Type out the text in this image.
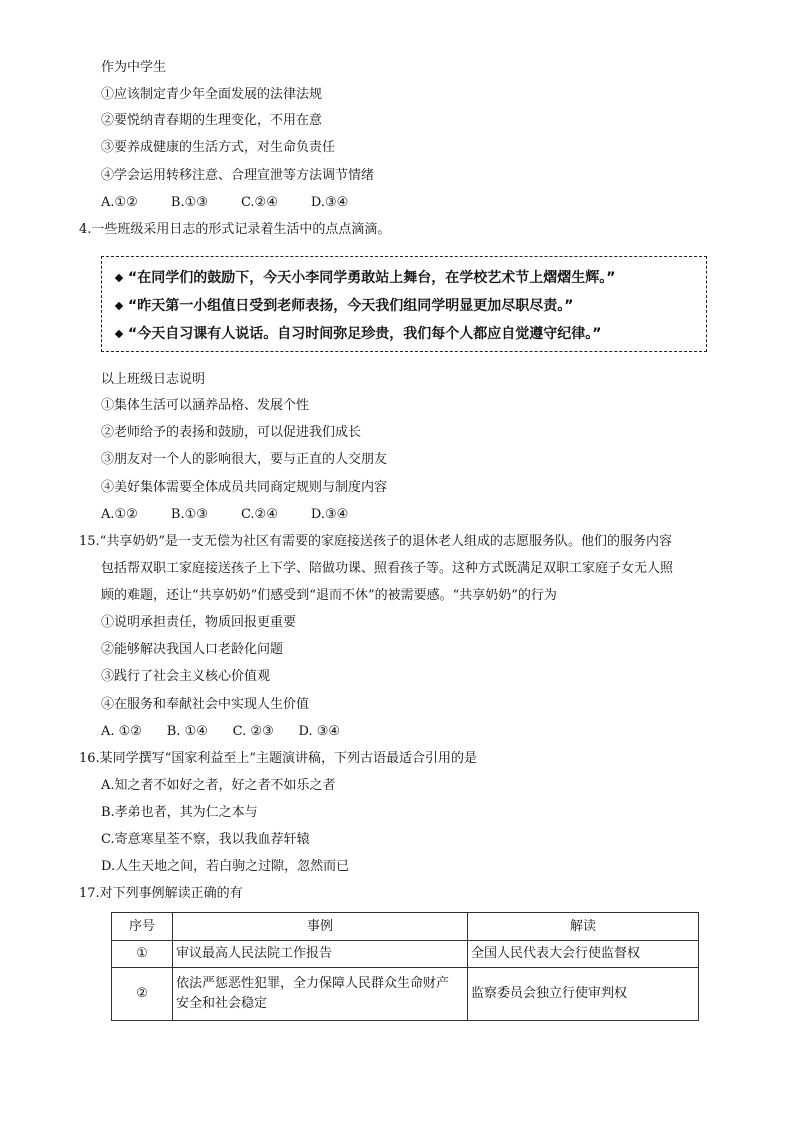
作为中学生
①应该制定青少年全面发展的法律法规
②要悦纳青春期的生理变化，不用在意
③要养成健康的生活方式，对生命负责任
④学会运用转移注意、合理宣泄等方法调节情绪
A.①②        B.①③        C.②④        D.③④
4.一些班级采用日志的形式记录着生活中的点点滴滴。
“在同学们的鼓励下，今天小李同学勇敢站上舞台，在学校艺术节上熠熠生辉。”
“昨天第一小组值日受到老师表扬，今天我们组同学明显更加尽职尽责。”
“今天自习课有人说话。自习时间弥足珍贵，我们每个人都应自觉遵守纪律。”
以上班级日志说明
①集体生活可以涵养品格、发展个性
②老师给予的表扬和鼓励，可以促进我们成长
③朋友对一个人的影响很大，要与正直的人交朋友
④美好集体需要全体成员共同商定规则与制度内容
A.①②        B.①③        C.②④        D.③④
15.“共享奶奶”是一支无偿为社区有需要的家庭接送孩子的退休老人组成的志愿服务队。他们的服务内容
包括帮双职工家庭接送孩子上下学、陪做功课、照看孩子等。这种方式既满足双职工家庭子女无人照
顾的难题，还让“共享奶奶”们感受到“退而不休”的被需要感。“共享奶奶”的行为
①说明承担责任，物质回报更重要
②能够解决我国人口老龄化问题
③践行了社会主义核心价值观
④在服务和奉献社会中实现人生价值
A. ①②      B. ①④      C. ②③      D. ③④
16.某同学撰写“国家利益至上”主题演讲稿，下列古语最适合引用的是
A.知之者不如好之者，好之者不如乐之者
B.孝弟也者，其为仁之本与
C.寄意寒星荃不察，我以我血荐轩辕
D.人生天地之间，若白驹之过隙，忽然而已
17.对下列事例解读正确的有
序号	事例	解读
①	审议最高人民法院工作报告	全国人民代表大会行使监督权
②	依法严惩恶性犯罪，全力保障人民群众生命财产
安全和社会稳定	监察委员会独立行使审判权
